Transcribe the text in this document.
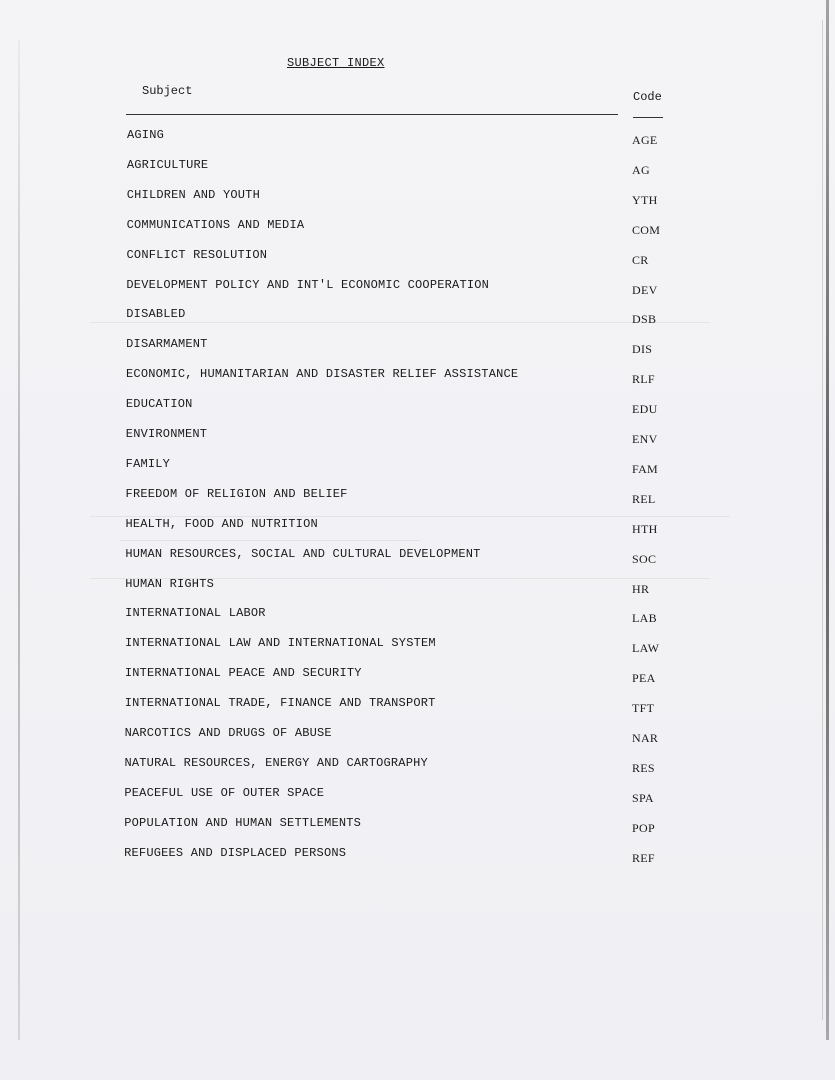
SUBJECT INDEX
Subject	Code
AGING	AGE
AGRICULTURE	AG
CHILDREN AND YOUTH	YTH
COMMUNICATIONS AND MEDIA	COM
CONFLICT RESOLUTION	CR
DEVELOPMENT POLICY AND INT'L ECONOMIC COOPERATION	DEV
DISABLED	DSB
DISARMAMENT	DIS
ECONOMIC, HUMANITARIAN AND DISASTER RELIEF ASSISTANCE	RLF
EDUCATION	EDU
ENVIRONMENT	ENV
FAMILY	FAM
FREEDOM OF RELIGION AND BELIEF	REL
HEALTH, FOOD AND NUTRITION	HTH
HUMAN RESOURCES, SOCIAL AND CULTURAL DEVELOPMENT	SOC
HUMAN RIGHTS	HR
INTERNATIONAL LABOR	LAB
INTERNATIONAL LAW AND INTERNATIONAL SYSTEM	LAW
INTERNATIONAL PEACE AND SECURITY	PEA
INTERNATIONAL TRADE, FINANCE AND TRANSPORT	TFT
NARCOTICS AND DRUGS OF ABUSE	NAR
NATURAL RESOURCES, ENERGY AND CARTOGRAPHY	RES
PEACEFUL USE OF OUTER SPACE	SPA
POPULATION AND HUMAN SETTLEMENTS	POP
REFUGEES AND DISPLACED PERSONS	REF
